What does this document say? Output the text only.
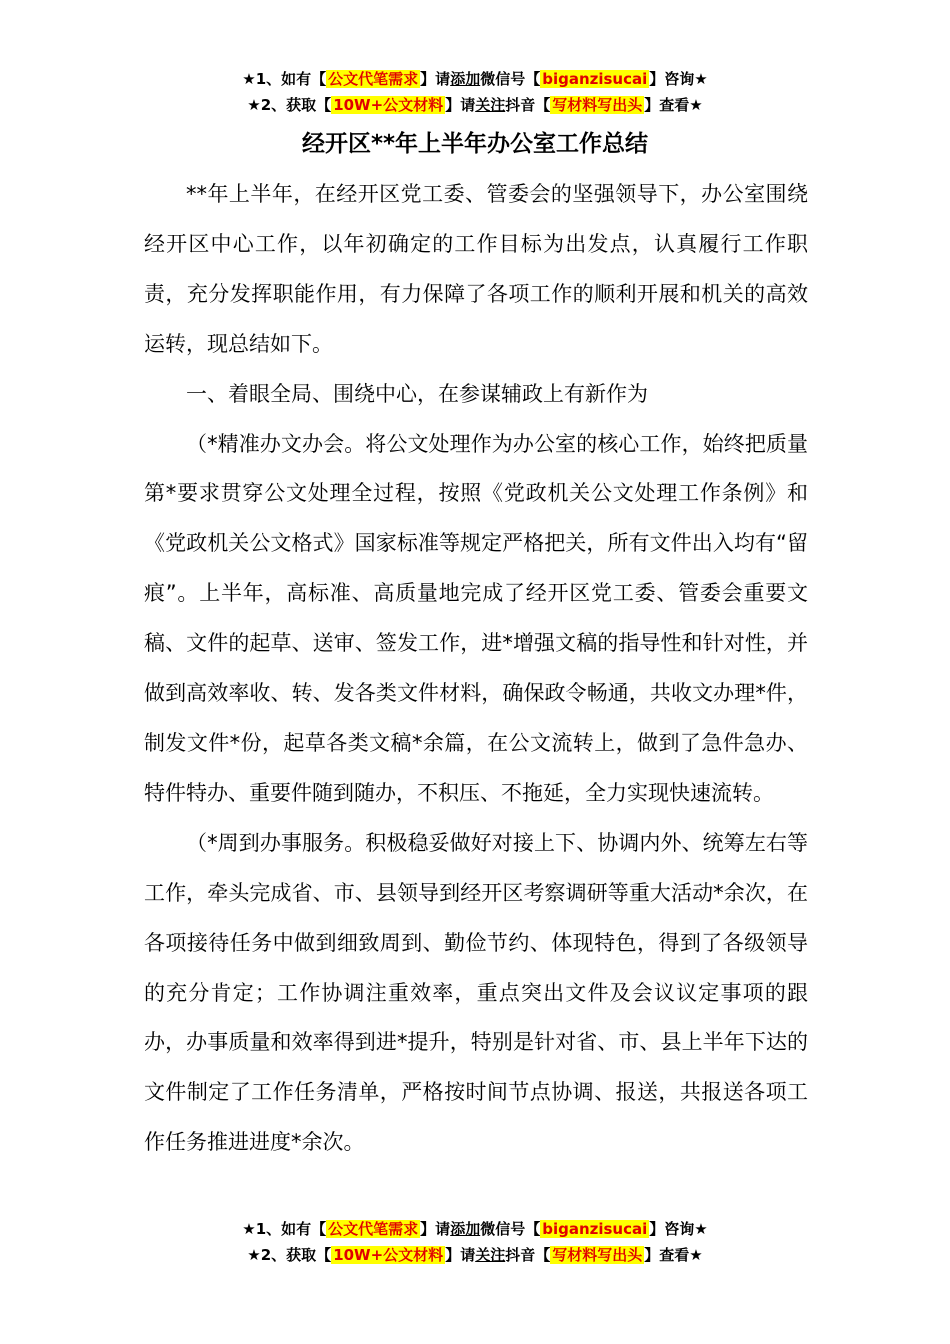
★1、如有【 公文代笔需求 】请添加微信号【 biganzisucai 】咨询★
★2、获取【 10W+公文材料 】请关注抖音【 写材料写出头 】查看★
经开区**年上半年办公室工作总结

**年上半年，在经开区党工委、管委会的坚强领导下，办公室围绕经开区中心工作，以年初确定的工作目标为出发点，认真履行工作职责，充分发挥职能作用，有力保障了各项工作的顺利开展和机关的高效运转，现总结如下。

一、着眼全局、围绕中心，在参谋辅政上有新作为

（*精准办文办会。将公文处理作为办公室的核心工作，始终把质量第*要求贯穿公文处理全过程，按照《党政机关公文处理工作条例》和《党政机关公文格式》国家标准等规定严格把关，所有文件出入均有“留痕”。上半年，高标准、高质量地完成了经开区党工委、管委会重要文稿、文件的起草、送审、签发工作，进*增强文稿的指导性和针对性，并做到高效率收、转、发各类文件材料，确保政令畅通，共收文办理*件，制发文件*份，起草各类文稿*余篇，在公文流转上，做到了急件急办、特件特办、重要件随到随办，不积压、不拖延，全力实现快速流转。

（*周到办事服务。积极稳妥做好对接上下、协调内外、统筹左右等工作，牵头完成省、市、县领导到经开区考察调研等重大活动*余次，在各项接待任务中做到细致周到、勤俭节约、体现特色，得到了各级领导的充分肯定；工作协调注重效率，重点突出文件及会议议定事项的跟办，办事质量和效率得到进*提升，特别是针对省、市、县上半年下达的文件制定了工作任务清单，严格按时间节点协调、报送，共报送各项工作任务推进进度*余次。

★1、如有【 公文代笔需求 】请添加微信号【 biganzisucai 】咨询★
★2、获取【 10W+公文材料 】请关注抖音【 写材料写出头 】查看★
